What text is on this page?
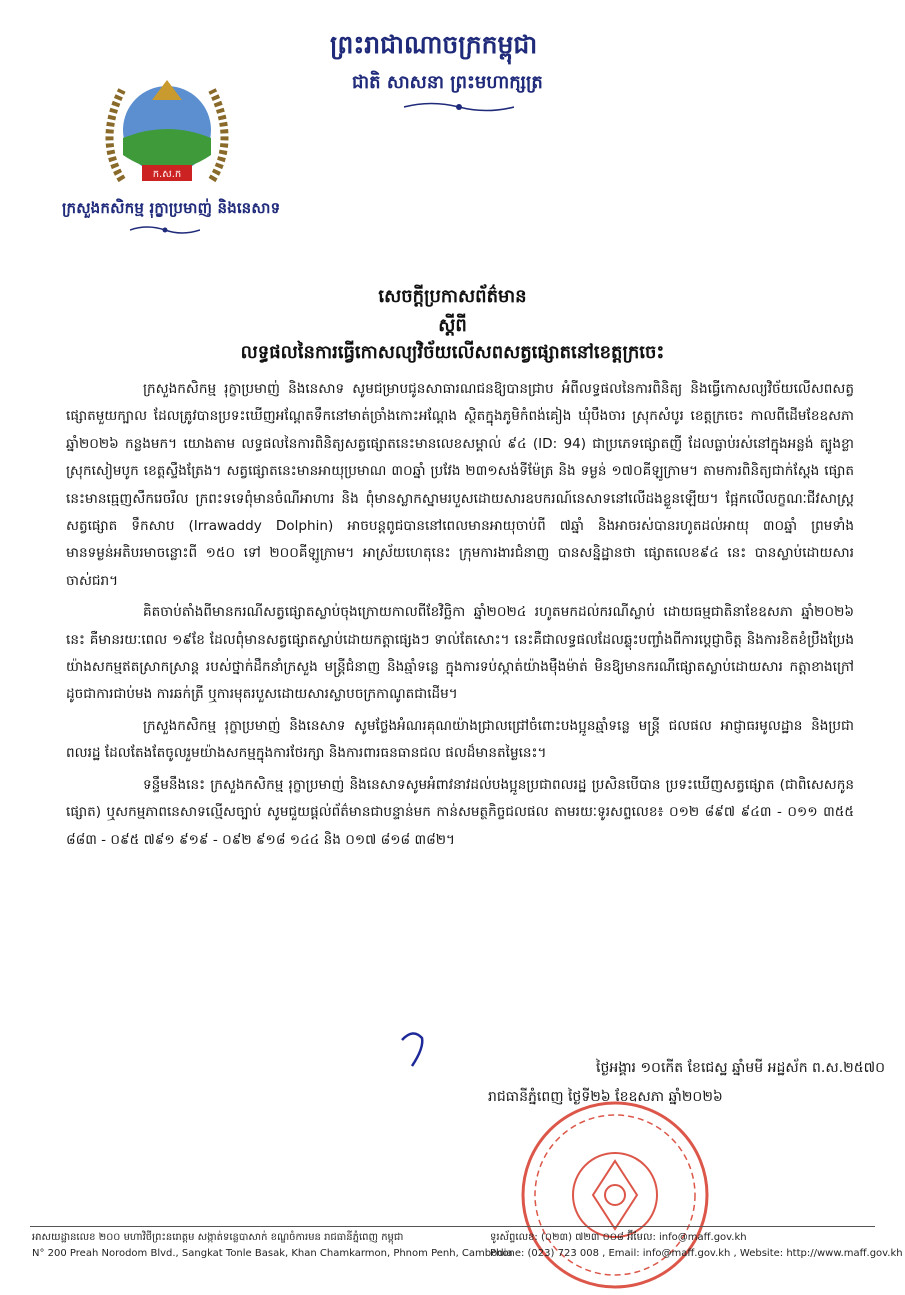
ក.ស.ក
ក្រសួងកសិកម្ម រុក្ខាប្រមាញ់ និងនេសាទ
ព្រះរាជាណាចក្រកម្ពុជា
ជាតិ សាសនា ព្រះមហាក្សត្រ
សេចក្តីប្រកាសព័ត៌មាន
ស្តីពី
លទ្ធផលនៃការធ្វើកោសល្យវិច័យលើសពសត្វផ្សោតនៅខេត្តក្រចេះ

ក្រសួងកសិកម្ម រុក្ខាប្រមាញ់ និងនេសាទ សូមជម្រាបជូនសាធារណជនឱ្យបានជ្រាប អំពីលទ្ធផលនៃការពិនិត្យ និងធ្វើកោសល្យវិច័យលើសពសត្វផ្សោតមួយក្បាល ដែលត្រូវបានប្រទះឃើញអណ្តែតទឹកនៅមាត់ច្រាំងកោះអណ្តែង ស្ថិតក្នុងភូមិកំពង់គៀង ឃុំបឹងចារ ស្រុកសំបូរ ខេត្តក្រចេះ កាលពីដើមខែឧសភា ឆ្នាំ២០២៦ កន្លងមក។ យោងតាម លទ្ធផលនៃការពិនិត្យសត្វផ្សោតនេះមានលេខសម្គាល់ ៩៤ (ID: 94) ជាប្រភេទផ្សោតញី ដែលធ្លាប់រស់នៅក្នុងអន្លង់ ត្បូងខ្លា ស្រុកសៀមបូក ខេត្តស្ទឹងត្រែង។ សត្វផ្សោតនេះមានអាយុប្រមាណ ៣០ឆ្នាំ ប្រវែង ២៣១សង់ទីម៉ែត្រ និង ទម្ងន់ ១៧០គីឡូក្រាម។ តាមការពិនិត្យជាក់ស្តែង ផ្សោតនេះមានធ្មេញសឹករេចរឹល ក្រពះទទេពុំមានចំណីអាហារ និង ពុំមានស្លាកស្នាមរបួសដោយសារឧបករណ៍នេសាទនៅលើដងខ្លួនឡើយ។ ផ្អែកលើលក្ខណៈជីវសាស្ត្រ សត្វផ្សោត ទឹកសាប (Irrawaddy Dolphin) អាចបន្តពូជបាននៅពេលមានអាយុចាប់ពី ៧ឆ្នាំ និងអាចរស់បានរហូតដល់អាយុ ៣០ឆ្នាំ ព្រមទាំងមានទម្ងន់អតិបរមាចន្លោះពី ១៥០ ទៅ ២០០គីឡូក្រាម។ អាស្រ័យហេតុនេះ ក្រុមការងារជំនាញ បានសន្និដ្ឋានថា ផ្សោតលេខ៩៤ នេះ បានស្លាប់ដោយសារចាស់ជរា។

គិតចាប់តាំងពីមានករណីសត្វផ្សោតស្លាប់ចុងក្រោយកាលពីខែវិច្ឆិកា ឆ្នាំ២០២៤ រហូតមកដល់ករណីស្លាប់ ដោយធម្មជាតិនាខែឧសភា ឆ្នាំ២០២៦ នេះ គឺមានរយៈពេល ១៩ខែ ដែលពុំមានសត្វផ្សោតស្លាប់ដោយកត្តាផ្សេងៗ ទាល់តែសោះ។ នេះគឺជាលទ្ធផលដែលឆ្លុះបញ្ចាំងពីការប្តេជ្ញាចិត្ត និងការខិតខំប្រឹងប្រែងយ៉ាងសកម្មឥតស្រាកស្រាន្ត របស់ថ្នាក់ដឹកនាំក្រសួង មន្ត្រីជំនាញ និងឆ្មាំទន្លេ ក្នុងការទប់ស្កាត់យ៉ាងម៉ឺងម៉ាត់ មិនឱ្យមានករណីផ្សោតស្លាប់ដោយសារ កត្តាខាងក្រៅ ដូចជាការជាប់មង ការឆក់ត្រី ឬការមុតរបួសដោយសារស្លាបចក្រកាណូតជាដើម។

ក្រសួងកសិកម្ម រុក្ខាប្រមាញ់ និងនេសាទ សូមថ្លែងអំណរគុណយ៉ាងជ្រាលជ្រៅចំពោះបងប្អូនឆ្មាំទន្លេ មន្ត្រី ជលផល អាជ្ញាធរមូលដ្ឋាន និងប្រជាពលរដ្ឋ ដែលតែងតែចូលរួមយ៉ាងសកម្មក្នុងការថែរក្សា និងការពារធនធានជល ផលដ៏មានតម្លៃនេះ។

ទន្ទឹមនឹងនេះ ក្រសួងកសិកម្ម រុក្ខាប្រមាញ់ និងនេសាទសូមអំពាវនាវដល់បងប្អូនប្រជាពលរដ្ឋ ប្រសិនបើបាន ប្រទះឃើញសត្វផ្សោត (ជាពិសេសកូនផ្សោត) ឬសកម្មភាពនេសាទល្មើសច្បាប់ សូមជួយផ្តល់ព័ត៌មានជាបន្ទាន់មក កាន់សមត្ថកិច្ចជលផល តាមរយៈទូរសព្ទលេខ៖ ០១២ ៨៩៧ ៩៤៣ - ០១១ ៣៥៥ ៨៨៣ - ០៩៥ ៧៩១ ៩១៩ - ០៩២ ៩១៨ ១៤៤ និង ០១៧ ៨១៨ ៣៨២។

ថ្ងៃអង្គារ ១០កើត ខែជេស្ឋ ឆ្នាំមមី អដ្ឋស័ក ព.ស.២៥៧០
រាជធានីភ្នំពេញ ថ្ងៃទី២៦ ខែឧសភា ឆ្នាំ២០២៦
អាសយដ្ឋានលេខ ២០០ មហាវិថីព្រះនរោត្តម សង្កាត់ទន្លេបាសាក់ ខណ្ឌចំការមន រាជធានីភ្នំពេញ កម្ពុជា
N° 200 Preah Norodom Blvd., Sangkat Tonle Basak, Khan Chamkarmon, Phnom Penh, Cambodia
ទូរស័ព្ទលេខ: (០២៣) ៧២៣ ០០៨ អ៊ីមែល: info@maff.gov.kh
Phone: (023) 723 008 , Email: info@maff.gov.kh , Website: http://www.maff.gov.kh
